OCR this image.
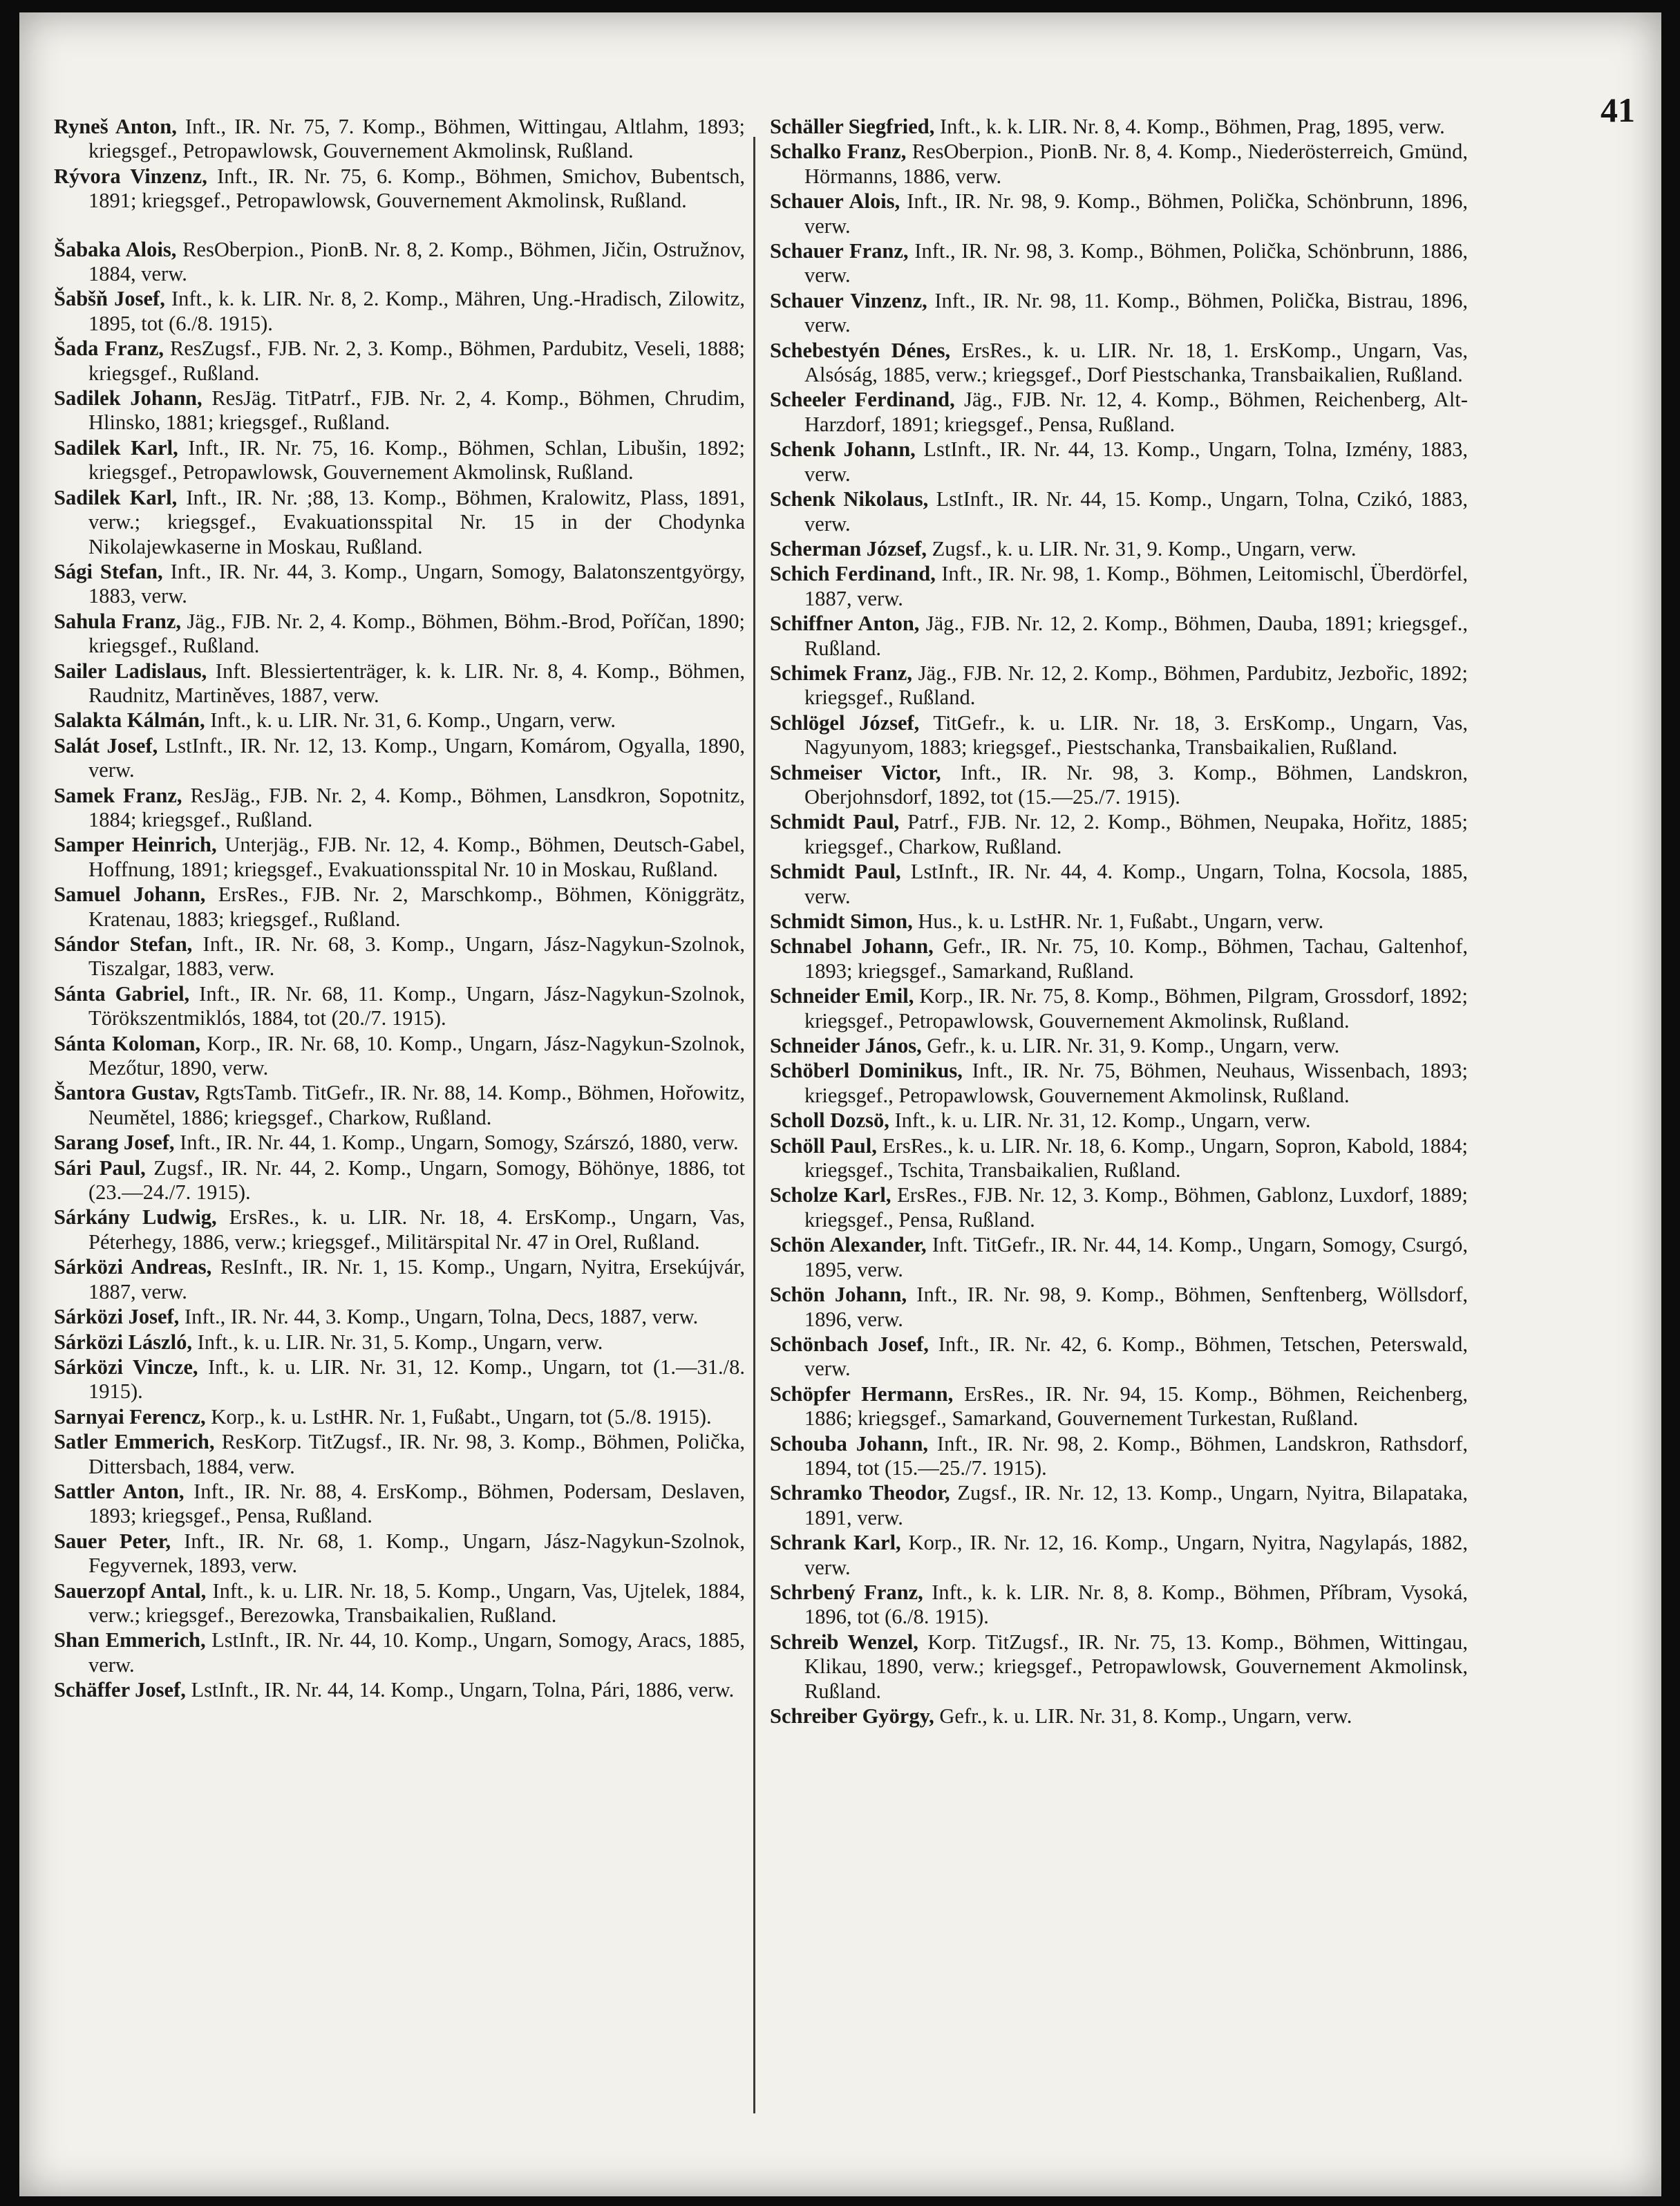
41

Ryneš Anton, Inft., IR. Nr. 75, 7. Komp., Böhmen, Wittingau, Altlahm, 1893; kriegsgef., Petropawlowsk, Gouvernement Akmolinsk, Rußland.

Rývora Vinzenz, Inft., IR. Nr. 75, 6. Komp., Böhmen, Smichov, Bubentsch, 1891; kriegsgef., Petropawlowsk, Gouvernement Akmolinsk, Rußland.

Šabaka Alois, ResOberpion., PionB. Nr. 8, 2. Komp., Böhmen, Jičin, Ostružnov, 1884, verw.

Šabšň Josef, Inft., k. k. LIR. Nr. 8, 2. Komp., Mähren, Ung.-Hradisch, Zilowitz, 1895, tot (6./8. 1915).

Šada Franz, ResZugsf., FJB. Nr. 2, 3. Komp., Böhmen, Pardubitz, Veseli, 1888; kriegsgef., Rußland.

Sadilek Johann, ResJäg. TitPatrf., FJB. Nr. 2, 4. Komp., Böhmen, Chrudim, Hlinsko, 1881; kriegsgef., Rußland.

Sadilek Karl, Inft., IR. Nr. 75, 16. Komp., Böhmen, Schlan, Libušin, 1892; kriegsgef., Petropawlowsk, Gouvernement Akmolinsk, Rußland.

Sadilek Karl, Inft., IR. Nr. ;88, 13. Komp., Böhmen, Kralowitz, Plass, 1891, verw.; kriegsgef., Evakuationsspital Nr. 15 in der Chodynka Nikolajewkaserne in Moskau, Rußland.

Sági Stefan, Inft., IR. Nr. 44, 3. Komp., Ungarn, Somogy, Balatonszentgyörgy, 1883, verw.

Sahula Franz, Jäg., FJB. Nr. 2, 4. Komp., Böhmen, Böhm.-Brod, Poříčan, 1890; kriegsgef., Rußland.

Sailer Ladislaus, Inft. Blessiertenträger, k. k. LIR. Nr. 8, 4. Komp., Böhmen, Raudnitz, Martiněves, 1887, verw.

Salakta Kálmán, Inft., k. u. LIR. Nr. 31, 6. Komp., Ungarn, verw.

Salát Josef, LstInft., IR. Nr. 12, 13. Komp., Ungarn, Komárom, Ogyalla, 1890, verw.

Samek Franz, ResJäg., FJB. Nr. 2, 4. Komp., Böhmen, Lansdkron, Sopotnitz, 1884; kriegsgef., Rußland.

Samper Heinrich, Unterjäg., FJB. Nr. 12, 4. Komp., Böhmen, Deutsch-Gabel, Hoffnung, 1891; kriegsgef., Evakuationsspital Nr. 10 in Moskau, Rußland.

Samuel Johann, ErsRes., FJB. Nr. 2, Marschkomp., Böhmen, Königgrätz, Kratenau, 1883; kriegsgef., Rußland.

Sándor Stefan, Inft., IR. Nr. 68, 3. Komp., Ungarn, Jász-Nagykun-Szolnok, Tiszalgar, 1883, verw.

Sánta Gabriel, Inft., IR. Nr. 68, 11. Komp., Ungarn, Jász-Nagykun-Szolnok, Törökszentmiklós, 1884, tot (20./7. 1915).

Sánta Koloman, Korp., IR. Nr. 68, 10. Komp., Ungarn, Jász-Nagykun-Szolnok, Mezőtur, 1890, verw.

Šantora Gustav, RgtsTamb. TitGefr., IR. Nr. 88, 14. Komp., Böhmen, Hořowitz, Neumětel, 1886; kriegsgef., Charkow, Rußland.

Sarang Josef, Inft., IR. Nr. 44, 1. Komp., Ungarn, Somogy, Szárszó, 1880, verw.

Sári Paul, Zugsf., IR. Nr. 44, 2. Komp., Ungarn, Somogy, Böhönye, 1886, tot (23.—24./7. 1915).

Sárkány Ludwig, ErsRes., k. u. LIR. Nr. 18, 4. ErsKomp., Ungarn, Vas, Péterhegy, 1886, verw.; kriegsgef., Militärspital Nr. 47 in Orel, Rußland.

Sárközi Andreas, ResInft., IR. Nr. 1, 15. Komp., Ungarn, Nyitra, Ersekújvár, 1887, verw.

Sárközi Josef, Inft., IR. Nr. 44, 3. Komp., Ungarn, Tolna, Decs, 1887, verw.

Sárközi László, Inft., k. u. LIR. Nr. 31, 5. Komp., Ungarn, verw.

Sárközi Vincze, Inft., k. u. LIR. Nr. 31, 12. Komp., Ungarn, tot (1.—31./8. 1915).

Sarnyai Ferencz, Korp., k. u. LstHR. Nr. 1, Fußabt., Ungarn, tot (5./8. 1915).

Satler Emmerich, ResKorp. TitZugsf., IR. Nr. 98, 3. Komp., Böhmen, Polička, Dittersbach, 1884, verw.

Sattler Anton, Inft., IR. Nr. 88, 4. ErsKomp., Böhmen, Podersam, Deslaven, 1893; kriegsgef., Pensa, Rußland.

Sauer Peter, Inft., IR. Nr. 68, 1. Komp., Ungarn, Jász-Nagykun-Szolnok, Fegyvernek, 1893, verw.

Sauerzopf Antal, Inft., k. u. LIR. Nr. 18, 5. Komp., Ungarn, Vas, Ujtelek, 1884, verw.; kriegsgef., Berezowka, Transbaikalien, Rußland.

Shan Emmerich, LstInft., IR. Nr. 44, 10. Komp., Ungarn, Somogy, Aracs, 1885, verw.

Schäffer Josef, LstInft., IR. Nr. 44, 14. Komp., Ungarn, Tolna, Pári, 1886, verw.

Schäller Siegfried, Inft., k. k. LIR. Nr. 8, 4. Komp., Böhmen, Prag, 1895, verw.

Schalko Franz, ResOberpion., PionB. Nr. 8, 4. Komp., Niederösterreich, Gmünd, Hörmanns, 1886, verw.

Schauer Alois, Inft., IR. Nr. 98, 9. Komp., Böhmen, Polička, Schönbrunn, 1896, verw.

Schauer Franz, Inft., IR. Nr. 98, 3. Komp., Böhmen, Polička, Schönbrunn, 1886, verw.

Schauer Vinzenz, Inft., IR. Nr. 98, 11. Komp., Böhmen, Polička, Bistrau, 1896, verw.

Schebestyén Dénes, ErsRes., k. u. LIR. Nr. 18, 1. ErsKomp., Ungarn, Vas, Alsóság, 1885, verw.; kriegsgef., Dorf Piestschanka, Transbaikalien, Rußland.

Scheeler Ferdinand, Jäg., FJB. Nr. 12, 4. Komp., Böhmen, Reichenberg, Alt-Harzdorf, 1891; kriegsgef., Pensa, Rußland.

Schenk Johann, LstInft., IR. Nr. 44, 13. Komp., Ungarn, Tolna, Izmény, 1883, verw.

Schenk Nikolaus, LstInft., IR. Nr. 44, 15. Komp., Ungarn, Tolna, Czikó, 1883, verw.

Scherman József, Zugsf., k. u. LIR. Nr. 31, 9. Komp., Ungarn, verw.

Schich Ferdinand, Inft., IR. Nr. 98, 1. Komp., Böhmen, Leitomischl, Überdörfel, 1887, verw.

Schiffner Anton, Jäg., FJB. Nr. 12, 2. Komp., Böhmen, Dauba, 1891; kriegsgef., Rußland.

Schimek Franz, Jäg., FJB. Nr. 12, 2. Komp., Böhmen, Pardubitz, Jezbořic, 1892; kriegsgef., Rußland.

Schlögel József, TitGefr., k. u. LIR. Nr. 18, 3. ErsKomp., Ungarn, Vas, Nagyunyom, 1883; kriegsgef., Piestschanka, Transbaikalien, Rußland.

Schmeiser Victor, Inft., IR. Nr. 98, 3. Komp., Böhmen, Landskron, Oberjohnsdorf, 1892, tot (15.—25./7. 1915).

Schmidt Paul, Patrf., FJB. Nr. 12, 2. Komp., Böhmen, Neupaka, Hořitz, 1885; kriegsgef., Charkow, Rußland.

Schmidt Paul, LstInft., IR. Nr. 44, 4. Komp., Ungarn, Tolna, Kocsola, 1885, verw.

Schmidt Simon, Hus., k. u. LstHR. Nr. 1, Fußabt., Ungarn, verw.

Schnabel Johann, Gefr., IR. Nr. 75, 10. Komp., Böhmen, Tachau, Galtenhof, 1893; kriegsgef., Samarkand, Rußland.

Schneider Emil, Korp., IR. Nr. 75, 8. Komp., Böhmen, Pilgram, Grossdorf, 1892; kriegsgef., Petropawlowsk, Gouvernement Akmolinsk, Rußland.

Schneider János, Gefr., k. u. LIR. Nr. 31, 9. Komp., Ungarn, verw.

Schöberl Dominikus, Inft., IR. Nr. 75, Böhmen, Neuhaus, Wissenbach, 1893; kriegsgef., Petropawlowsk, Gouvernement Akmolinsk, Rußland.

Scholl Dozsö, Inft., k. u. LIR. Nr. 31, 12. Komp., Ungarn, verw.

Schöll Paul, ErsRes., k. u. LIR. Nr. 18, 6. Komp., Ungarn, Sopron, Kabold, 1884; kriegsgef., Tschita, Transbaikalien, Rußland.

Scholze Karl, ErsRes., FJB. Nr. 12, 3. Komp., Böhmen, Gablonz, Luxdorf, 1889; kriegsgef., Pensa, Rußland.

Schön Alexander, Inft. TitGefr., IR. Nr. 44, 14. Komp., Ungarn, Somogy, Csurgó, 1895, verw.

Schön Johann, Inft., IR. Nr. 98, 9. Komp., Böhmen, Senftenberg, Wöllsdorf, 1896, verw.

Schönbach Josef, Inft., IR. Nr. 42, 6. Komp., Böhmen, Tetschen, Peterswald, verw.

Schöpfer Hermann, ErsRes., IR. Nr. 94, 15. Komp., Böhmen, Reichenberg, 1886; kriegsgef., Samarkand, Gouvernement Turkestan, Rußland.

Schouba Johann, Inft., IR. Nr. 98, 2. Komp., Böhmen, Landskron, Rathsdorf, 1894, tot (15.—25./7. 1915).

Schramko Theodor, Zugsf., IR. Nr. 12, 13. Komp., Ungarn, Nyitra, Bilapataka, 1891, verw.

Schrank Karl, Korp., IR. Nr. 12, 16. Komp., Ungarn, Nyitra, Nagylapás, 1882, verw.

Schrbený Franz, Inft., k. k. LIR. Nr. 8, 8. Komp., Böhmen, Příbram, Vysoká, 1896, tot (6./8. 1915).

Schreib Wenzel, Korp. TitZugsf., IR. Nr. 75, 13. Komp., Böhmen, Wittingau, Klikau, 1890, verw.; kriegsgef., Petropawlowsk, Gouvernement Akmolinsk, Rußland.

Schreiber György, Gefr., k. u. LIR. Nr. 31, 8. Komp., Ungarn, verw.
